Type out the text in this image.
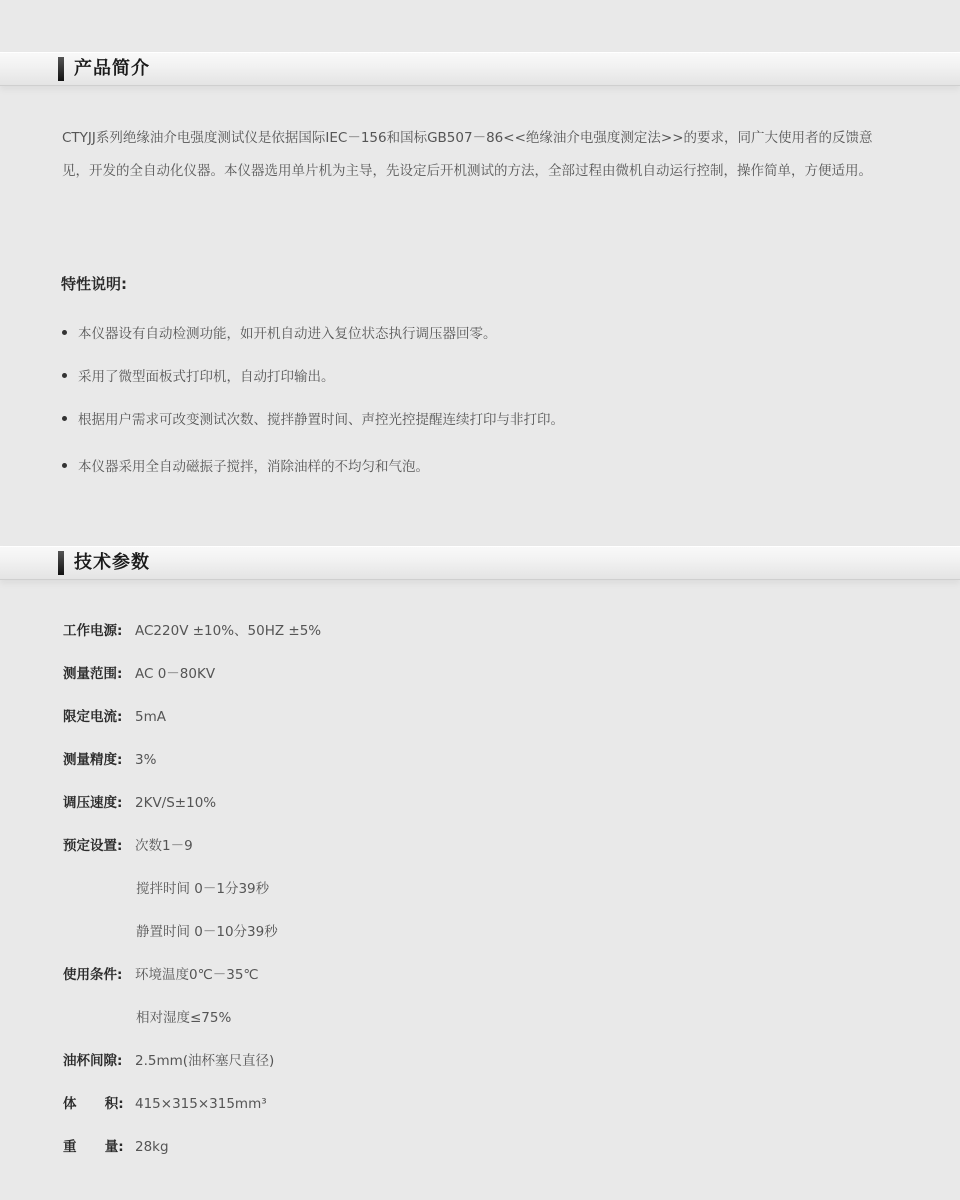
产品简介
CTYJJ系列绝缘油介电强度测试仪是依据国际IEC－156和国标GB507－86<<绝缘油介电强度测定法>>的要求，同广大使用者的反馈意见，开发的全自动化仪器。本仪器选用单片机为主导，先设定后开机测试的方法，全部过程由微机自动运行控制，操作简单，方便适用。
特性说明:
本仪器设有自动检测功能，如开机自动进入复位状态执行调压器回零。
采用了微型面板式打印机，自动打印输出。
根据用户需求可改变测试次数、搅拌静置时间、声控光控提醒连续打印与非打印。
本仪器采用全自动磁振子搅拌，消除油样的不均匀和气泡。
技术参数
工作电源: AC220V ±10%、50HZ ±5%
测量范围: AC 0－80KV
限定电流: 5mA
测量精度: 3%
调压速度: 2KV/S±10%
预定设置: 次数1－9
搅拌时间 0－1分39秒
静置时间 0－10分39秒
使用条件: 环境温度0℃－35℃
相对湿度≤75%
油杯间隙: 2.5mm(油杯塞尺直径)
体      积: 415×315×315mm³
重      量: 28kg
